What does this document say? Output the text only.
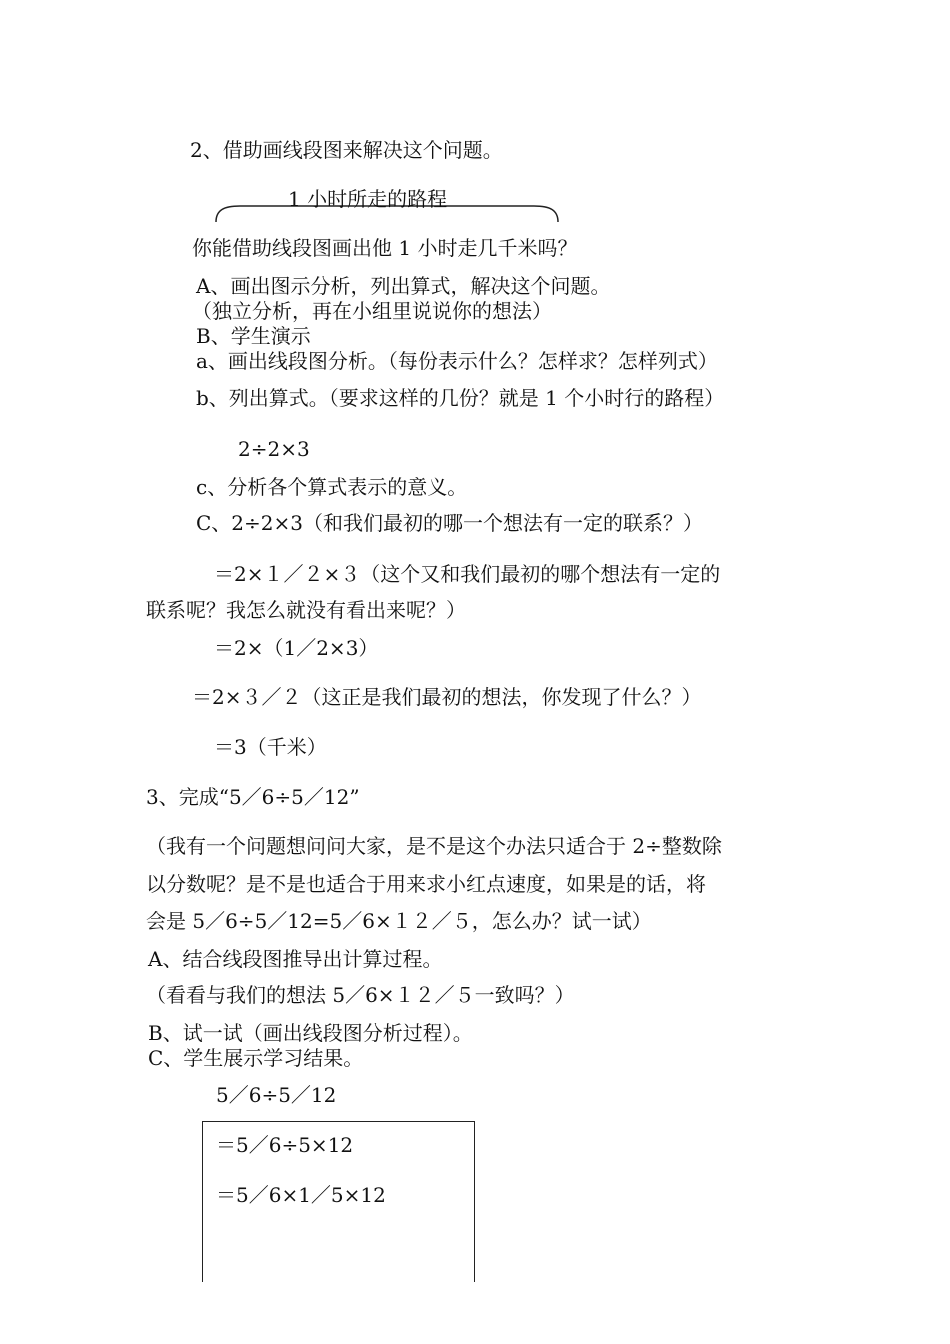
2、借助画线段图来解决这个问题。
1 小时所走的路程
你能借助线段图画出他 1 小时走几千米吗？
A、画出图示分析，列出算式，解决这个问题。
（独立分析，再在小组里说说你的想法）
B、学生演示
a、画出线段图分析。（每份表示什么？怎样求？怎样列式）
b、列出算式。（要求这样的几份？就是 1 个小时行的路程）
2÷2×3
c、分析各个算式表示的意义。
C、2÷2×3（和我们最初的哪一个想法有一定的联系？）
＝2×１／２×３（这个又和我们最初的哪个想法有一定的
联系呢？我怎么就没有看出来呢？）
＝2×（1／2×3）
＝2×３／２（这正是我们最初的想法，你发现了什么？）
＝3（千米）
3、完成“5／6÷5／12”
（我有一个问题想问问大家，是不是这个办法只适合于 2÷整数除
以分数呢？是不是也适合于用来求小红点速度，如果是的话，将
会是 5／6÷5／12=5／6×１２／５，怎么办？试一试）
A、结合线段图推导出计算过程。
（看看与我们的想法 5／6×１２／５一致吗？）
B、试一试（画出线段图分析过程）。
C、学生展示学习结果。
5／6÷5／12
＝5／6÷5×12
＝5／6×1／5×12
